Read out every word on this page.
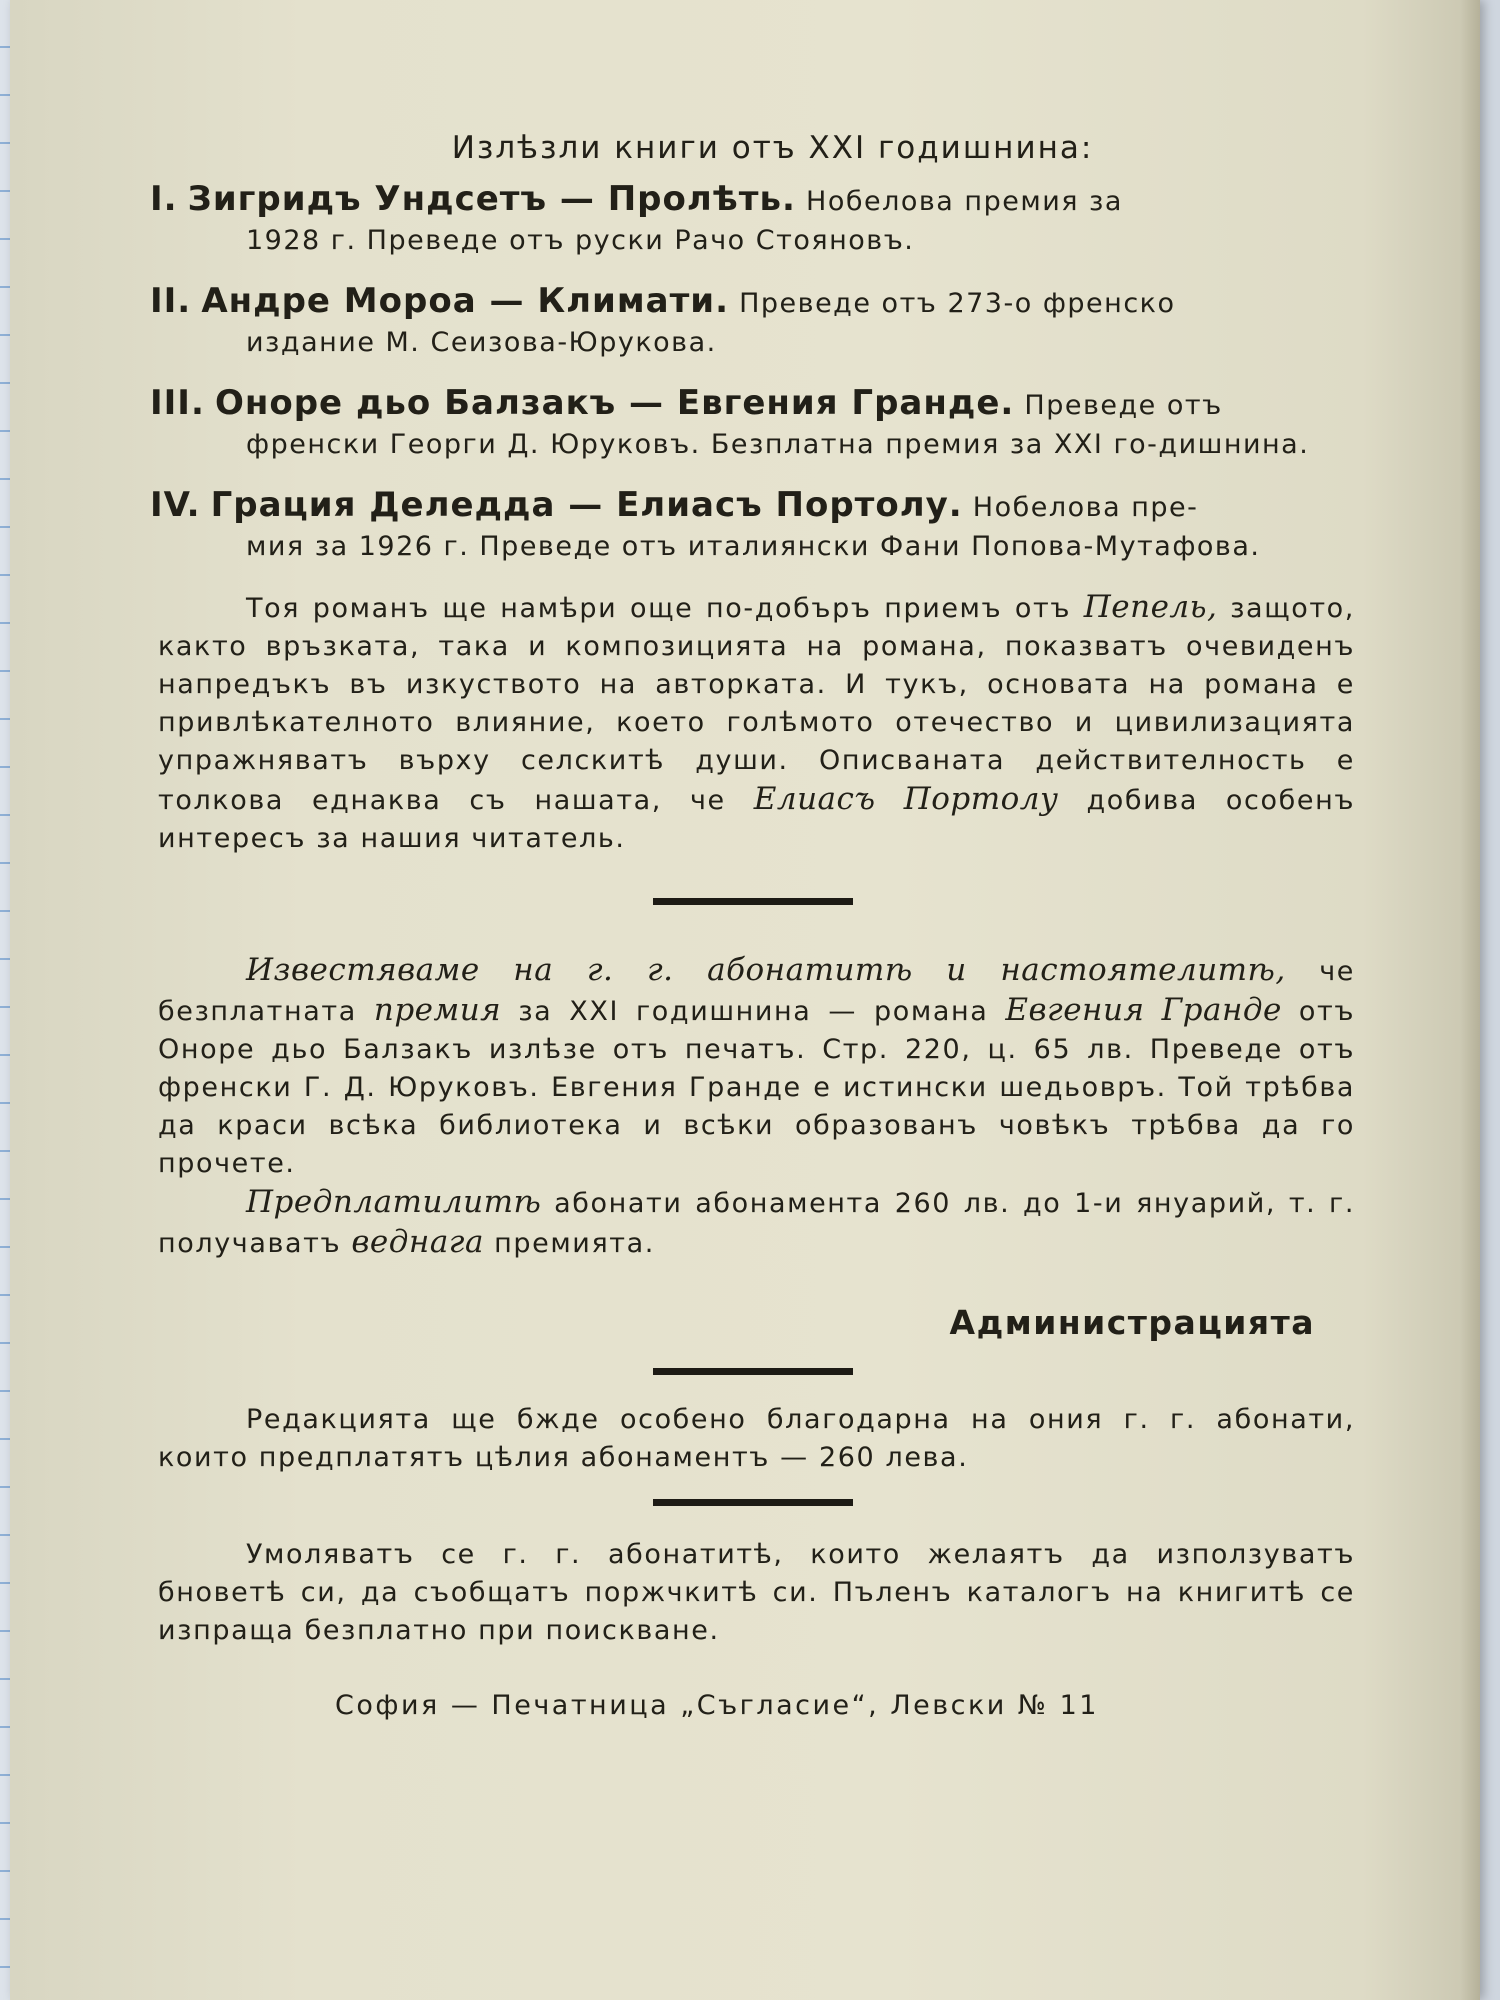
Излѣзли книги отъ XXI годишнина:
I. Зигридъ Ундсетъ — Пролѣть. Нобелова премия за
1928 г. Преведе отъ руски Рачо Стояновъ.
II. Андре Мороа — Климати. Преведе отъ 273-о френско
издание М. Сеизова-Юрукова.
III. Оноре дьо Балзакъ — Евгения Гранде. Преведе отъ
френски Георги Д. Юруковъ. Безплатна премия за XXI го-дишнина.
IV. Грация Деледда — Елиасъ Портолу. Нобелова пре-
мия за 1926 г. Преведе отъ италиянски Фани Попова-Мутафова.

Тоя романъ ще намѣри още по-добъръ приемъ отъ Пепель, защото, както връзката, така и композицията на романа, показватъ очевиденъ напредъкъ въ изкуството на авторката. И тукъ, основата на романа е привлѣкателното влияние, което голѣмото отечество и цивилизацията упражняватъ върху селскитѣ души. Описваната действителность е толкова еднаква съ нашата, че Елиасъ Портолу добива особенъ интересъ за нашия читатель.

Известяваме на г. г. абонатитѣ и настоятелитѣ, че безплатната премия за XXI годишнина — романа Евгения Гранде отъ Оноре дьо Балзакъ излѣзе отъ печатъ. Стр. 220, ц. 65 лв. Преведе отъ френски Г. Д. Юруковъ. Евгения Гранде е истински шедьовръ. Той трѣбва да краси всѣка библиотека и всѣки образованъ човѣкъ трѣбва да го прочете.

Предплатилитѣ абонати абонамента 260 лв. до 1-и януарий, т. г. получаватъ веднага премията.

Администрацията

Редакцията ще бжде особено благодарна на ония г. г. абонати, които предплатятъ цѣлия абонаментъ — 260 лева.

Умоляватъ се г. г. абонатитѣ, които желаятъ да използуватъ бноветѣ си, да съобщатъ поржчкитѣ си. Пъленъ каталогъ на книгитѣ се изпраща безплатно при поискване.

София — Печатница „Съгласие“, Левски № 11
